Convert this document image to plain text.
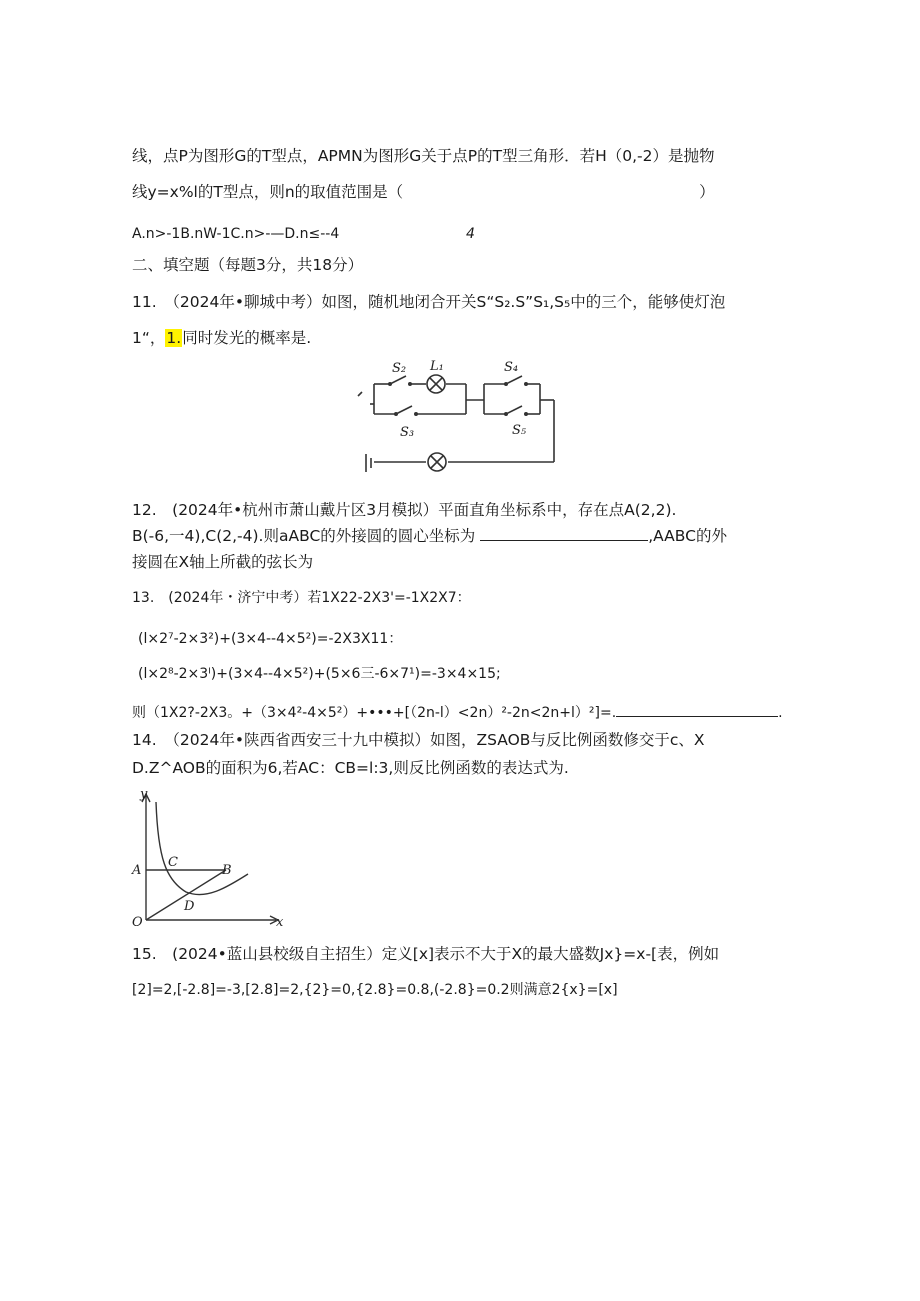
线，点P为图形G的T型点，APMN为图形G关于点P的T型三角形．若H（0,-2）是抛物
线y=x%l的T型点，则n的取值范围是（	）
A.n>-1B.nW-1C.n>-—D.n≤--4	4
二、填空题（每题3分，共18分）
11.　（2024年•聊城中考）如图，随机地闭合开关S“S₂.S”S₁,S₅中的三个，能够使灯泡
1“，1.同时发光的概率是.
S₂ L₁	S₄
S₃	S₅
12.　(2024年•杭州市萧山戴片区3月模拟）平面直角坐标系中，存在点A(2,2).
B(-6,一4),C(2,-4).则aABC的外接圆的圆心坐标为	,AABC的外
接圆在X轴上所截的弦长为
13.　(2024年・济宁中考）若1X22-2X3'=-1X2X7：
(l×2⁷-2×3²)+(3×4--4×5²)=-2X3X11：
(l×2⁸-2×3ᴵ)+(3×4--4×5²)+(5×6三-6×7¹)=-3×4×15;
则（1X2?-2X3。+（3×4²-4×5²）+•••+[（2n-l）<2n）²-2n<2n+l）²]=.	.
14.　（2024年•陕西省西安三十九中模拟）如图，ZSAOB与反比例函数修交于c、X
D.Z^AOB的面积为6,若AC：CB=l:3,则反比例函数的表达式为.
y
x
A	B
C
D
O
15.　(2024•蓝山县校级自主招生）定义[x]表示不大于X的最大盛数Jx}=x-[表，例如
[2]=2,[-2.8]=-3,[2.8]=2,{2}=0,{2.8}=0.8,(-2.8}=0.2则满意2{x}=[x]
